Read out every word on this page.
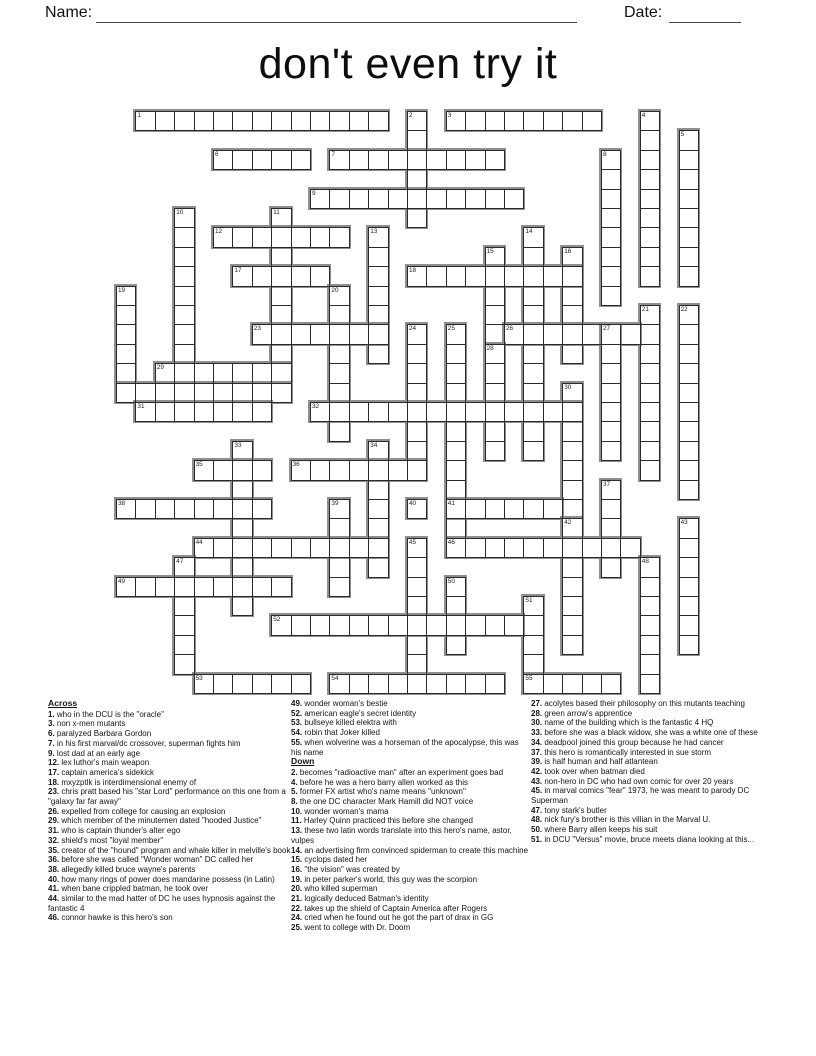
Name:	Date:
don't even try it
1	2	3	4
5
6	7	8
9
10	11
12	13	14
15	16
17	18
19	20
21	22
23	24	25	26	27
28
29
30
31	32
33	34
35	36
37
38	39	40	41
42	43
44	45	46
47	48
49	50
51
52
53	54	55
Across
1. who in the DCU is the "oracle"
3. non x-men mutants
6. paralyzed Barbara Gordon
7. in his first marval/dc crossover, superman fights him
9. lost dad at an early age
12. lex luthor's main weapon
17. captain america's sidekick
18. mxyzptlk is interdimensional enemy of
23. chris pratt based his "star Lord" performance on this one from a "galaxy far far away"
26. expelled from college for causing an explosion
29. which member of the minutemen dated "hooded Justice"
31. who is captain thunder's alter ego
32. shield's most "loyal member"
35. creator of the "hound" program and whale killer in melville's book
36. before she was called "Wonder woman" DC called her
38. allegedly killed bruce wayne's parents
40. how many rings of power does mandarine possess (in Latin)
41. when bane crippled batman, he took over
44. similar to the mad hatter of DC he uses hypnosis against the fantastic 4
46. connor hawke is this hero's son
49. wonder woman's bestie
52. american eagle's secret identity
53. bullseye killed elektra with
54. robin that Joker killed
55. when wolverine was a horseman of the apocalypse, this was his name
Down
2. becomes "radioactive man" after an experiment goes bad
4. before he was a hero barry allen worked as this
5. former FX artist who's name means "unknown"
8. the one DC character Mark Hamill did NOT voice
10. wonder woman's mama
11. Harley Quinn practiced this before she changed
13. these two latin words translate into this hero's name, astor, vulpes
14. an advertising firm convinced spiderman to create this machine
15. cyclops dated her
16. "the vision" was created by
19. in peter parker's world, this guy was the scorpion
20. who killed superman
21. logically deduced Batman's identity
22. takes up the shield of Captain America after Rogers
24. cried when he found out he got the part of drax in GG
25. went to college with Dr. Doom
27. acolytes based their philosophy on this mutants teaching
28. green arrow's apprentice
30. name of the building which is the fantastic 4 HQ
33. before she was a black widow, she was a white one of these
34. deadpool joined this group because he had cancer
37. this hero is romantically interested in sue storm
39. is half human and half atlantean
42. took over when batman died
43. non-hero in DC who had own comic for over 20 years
45. in marval comics "fear" 1973, he was meant to parody DC Superman
47. tony stark's butler
48. nick fury's brother is this villian in the Marval U.
50. where Barry allen keeps his suit
51. in DCU "Versus" movie, bruce meets diana looking at this...
